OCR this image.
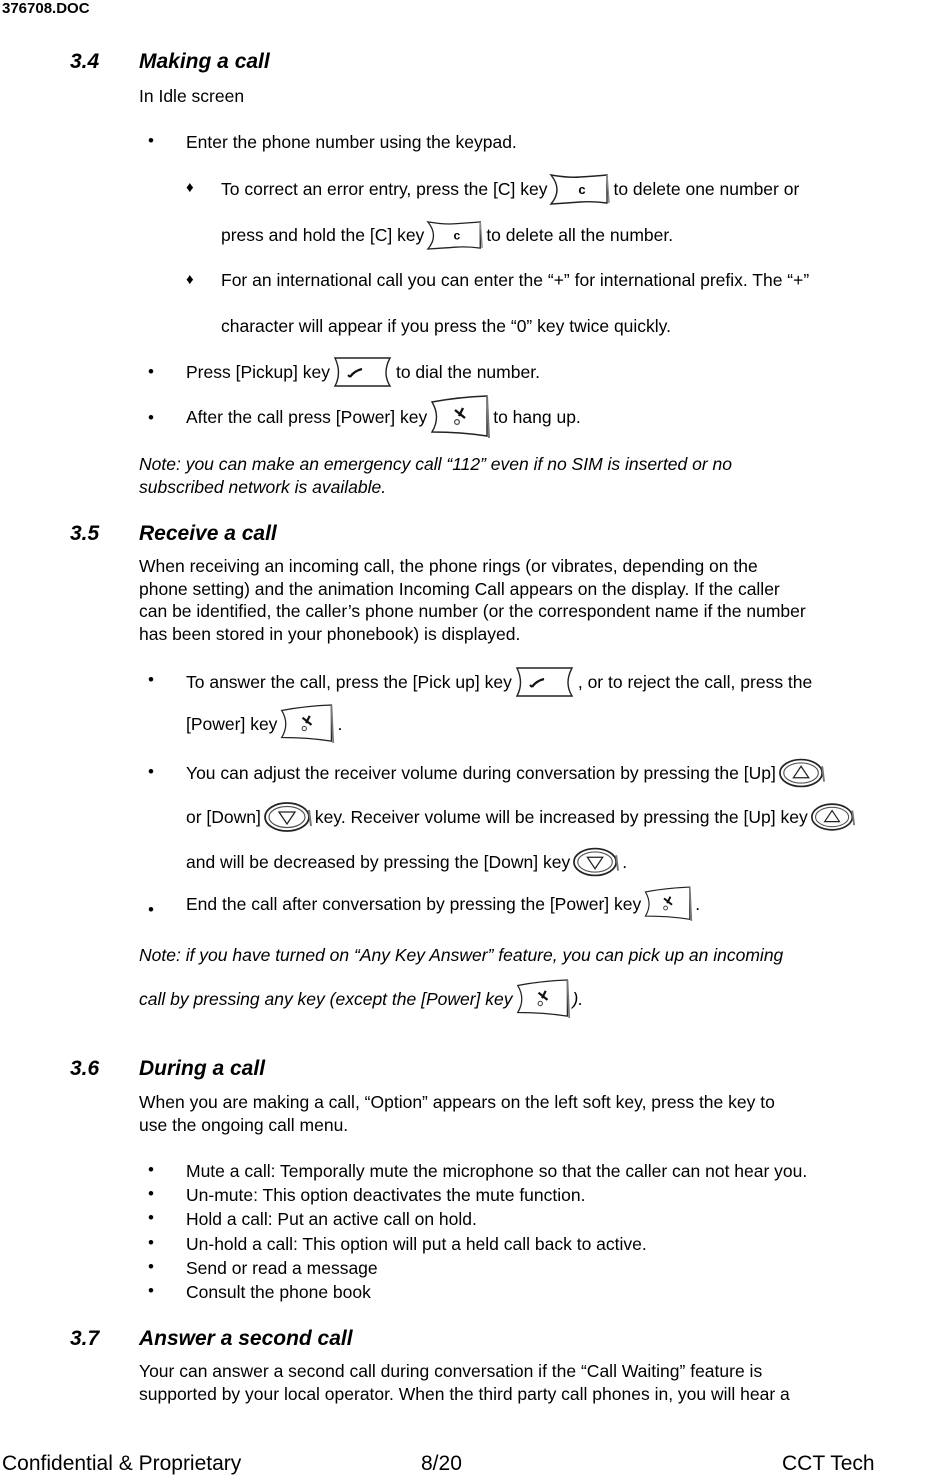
376708.DOC
3.4 Making a call
In Idle screen
• Enter the phone number using the keypad.
♦ To correct an error entry, press the [C] key	to delete one number or
press and hold the [C] key	to delete all the number.
♦ For an international call you can enter the “+” for international prefix. The “+”
character will appear if you press the “0” key twice quickly.
• Press [Pickup] key	to dial the number.
• After the call press [Power] key	to hang up.
Note: you can make an emergency call “112” even if no SIM is inserted or no
subscribed network is available.
3.5 Receive a call
When receiving an incoming call, the phone rings (or vibrates, depending on the
phone setting) and the animation Incoming Call appears on the display. If the caller
can be identified, the caller’s phone number (or the correspondent name if the number
has been stored in your phonebook) is displayed.
• To answer the call, press the [Pick up] key	, or to reject the call, press the
[Power] key	.
• You can adjust the receiver volume during conversation by pressing the [Up]
or [Down]	key. Receiver volume will be increased by pressing the [Up] key
and will be decreased by pressing the [Down] key	.
• End the call after conversation by pressing the [Power] key	.
Note: if you have turned on “Any Key Answer” feature, you can pick up an incoming
call by pressing any key (except the [Power] key	).
3.6 During a call
When you are making a call, “Option” appears on the left soft key, press the key to
use the ongoing call menu.
• Mute a call: Temporally mute the microphone so that the caller can not hear you.
• Un-mute: This option deactivates the mute function.
• Hold a call: Put an active call on hold.
• Un-hold a call: This option will put a held call back to active.
• Send or read a message
• Consult the phone book
3.7 Answer a second call
Your can answer a second call during conversation if the “Call Waiting” feature is
supported by your local operator. When the third party call phones in, you will hear a
Confidential & Proprietary	8/20	CCT Tech
